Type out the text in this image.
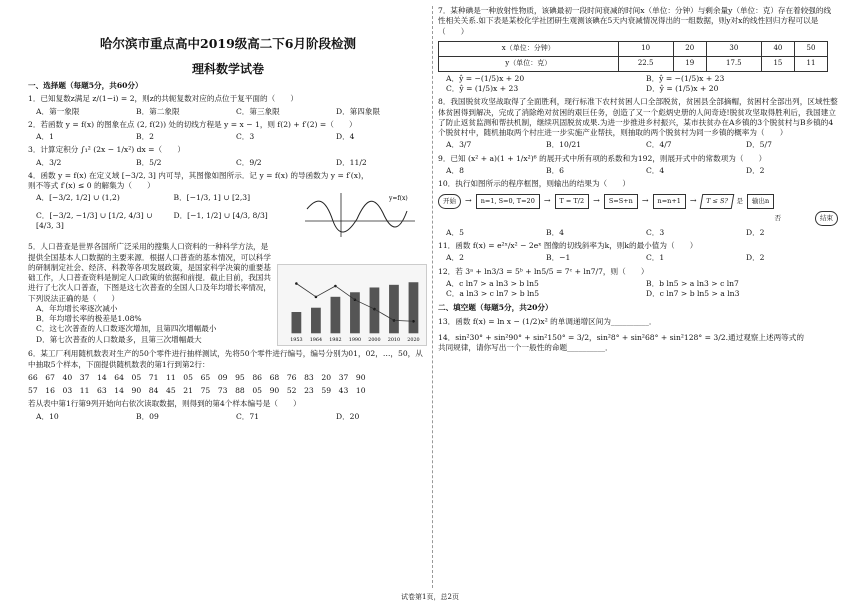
哈尔滨市重点高中2019级高二下6月阶段检测
理科数学试卷
一、选择题（每题5分，共60分）
1．已知复数z满足 z/(1−i) = 2，则z的共轭复数对应的点位于复平面的（　　）
A．第一象限	B．第二象限	C．第三象限	D．第四象限
2．若函数 y = f(x) 的图象在点 (2, f(2)) 处的切线方程是 y = x − 1，则 f(2) + f′(2) =（　　）
A．1	B．2	C．3	D．4
3．计算定积分 ∫₁² (2x − 1/x²) dx =（　　）
A．3/2	B．5/2	C．9/2	D．11/2
4．函数 y = f(x) 在定义域 [−3/2, 3] 内可导，其图像如图所示．记 y = f(x) 的导函数为 y = f′(x)，
则不等式 f′(x) ≤ 0 的解集为（　　）
A．[−3/2, 1/2] ∪ (1,2)	B．[−1/3, 1] ∪ [2,3]
C．[−3/2, −1/3] ∪ [1/2, 4/3] ∪ [4/3, 3]
D．[−1, 1/2] ∪ [4/3, 8/3]
y=f(x)
5．人口普查是世界各国所广泛采用的搜集人口资料的一种科学方法，是提供全国基本人口数据的主要来源．根据人口普查的基本情况，可以科学的研制制定社会、经济、科教等各项发展政策，是国家科学决策的重要基础工作，人口普查资料是制定人口政策的依据和前提．截止目前，我国共进行了七次人口普查，下图是这七次普查的全国人口及年均增长率情况，下列说法正确的是（　　）
A．年均增长率逐次减小
B．年均增长率的极差是1.08%
C．这七次普查的人口数逐次增加，且第四次增幅最小
D．第七次普查的人口数最多，且第三次增幅最大	1953 1964 1982 1990 2000 2010 2020
6．某工厂利用随机数表对生产的50个零件进行抽样测试，先将50个零件进行编号，编号分别为01，02，…，50，从中抽取5个样本，下面提供随机数表的第1行到第2行：
66　67　40　37　14　64　05　71　11　05　65　09　95　86　68　76　83　20　37　90
57　16　03　11　63　14　90　84　45　21　75　73　88　05　90　52　23　59　43　10
若从表中第1行第9列开始向右依次读取数据，则得到的第4个样本编号是（　　）
A．10	B．09	C．71	D．20
7．某种碘是一种放射性物质，该碘最初一段时间衰减的时间x（单位：分钟）与剩余量y（单位：克）存在着较强的线性相关关系.如下表是某校化学社团研生观测该碘在5天内衰减情况得出的一组数据，则y对x的线性回归方程可以是（　　）
x（单位：分钟）	10	20	30	40	50
y（单位：克）	22.5	19	17.5	15	11
A．ŷ = −(1/5)x + 20	B．ŷ = −(1/5)x + 23
C．ŷ = (1/5)x + 23	D．ŷ = (1/5)x + 20
8．我国脱贫攻坚战取得了全面胜利，现行标准下农村贫困人口全部脱贫，贫困县全部摘帽，贫困村全部出列，区域性整体贫困得到解决，完成了消除绝对贫困的艰巨任务，创造了又一个彪炳史册的人间奇迹!脱贫攻坚取得胜利后，我国建立了防止返贫监测和帮扶机制，继续巩固脱贫成果.为进一步推进乡村振兴，某市扶贫办在A乡镇的3个脱贫村与B乡镇的4个脱贫村中，随机抽取两个村庄进一步实施产业帮扶，则抽取的两个脱贫村为同一乡镇的概率为（　　）
A．3/7	B．10/21	C．4/7	D．5/7
9．已知 (x² + a)(1 + 1/x²)⁶ 的展开式中所有项的系数和为192，则展开式中的常数项为（　　）
A．8	B．6	C．4	D．2
10．执行如图所示的程序框图，则输出的结果为（　　）
开始	→	n=1, S=0, T=20	→	T = T/2	→	S=S+n	→	n=n+1	→	T ≤ S?	是	输出n
否	结束
A．5	B．4	C．3	D．2
11．函数 f(x) = e²ˣ/x² − 2eˣ 图像的切线斜率为k，则k的最小值为（　　）
A．2	B．−1	C．1	D．2
12．若 3ᵃ + ln3/3 = 5ᵇ + ln5/5 = 7ᶜ + ln7/7，则（　　）
A．c ln7 > a ln3 > b ln5	B．b ln5 > a ln3 > c ln7
C．a ln3 > c ln7 > b ln5	D．c ln7 > b ln5 > a ln3
二、填空题（每题5分，共20分）
13．函数 f(x) = ln x − (1/2)x² 的单调递增区间为__________．
14．sin²30° + sin²90° + sin²150° = 3/2，sin²8° + sin²68° + sin²128° = 3/2.通过观察上述两等式的
共同规律，请你写出一个一般性的命题__________．
试卷第1页，总2页
